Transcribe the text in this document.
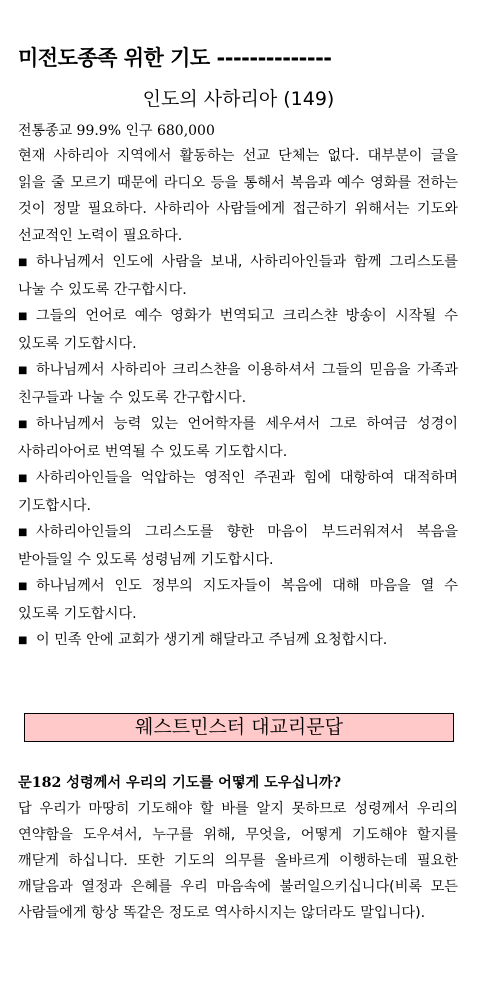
미전도종족 위한 기도 --------------
인도의 사하리아 (149)
전통종교 99.9% 인구 680,000

현재 사하리아 지역에서 활동하는 선교 단체는 없다. 대부분이 글을 읽을 줄 모르기 때문에 라디오 등을 통해서 복음과 예수 영화를 전하는 것이 정말 필요하다. 사하리아 사람들에게 접근하기 위해서는 기도와 선교적인 노력이 필요하다.

■ 하나님께서 인도에 사람을 보내, 사하리아인들과 함께 그리스도를 나눌 수 있도록 간구합시다.

■ 그들의 언어로 예수 영화가 번역되고 크리스챤 방송이 시작될 수 있도록 기도합시다.

■ 하나님께서 사하리아 크리스챤을 이용하셔서 그들의 믿음을 가족과 친구들과 나눌 수 있도록 간구합시다.

■ 하나님께서 능력 있는 언어학자를 세우셔서 그로 하여금 성경이 사하리아어로 번역될 수 있도록 기도합시다.

■ 사하리아인들을 억압하는 영적인 주권과 힘에 대항하여 대적하며 기도합시다.

■ 사하리아인들의 그리스도를 향한 마음이 부드러워져서 복음을 받아들일 수 있도록 성령님께 기도합시다.

■ 하나님께서 인도 정부의 지도자들이 복음에 대해 마음을 열 수 있도록 기도합시다.

■ 이 민족 안에 교회가 생기게 해달라고 주님께 요청합시다.

웨스트민스터 대교리문답

문182 성령께서 우리의 기도를 어떻게 도우십니까?

답 우리가 마땅히 기도해야 할 바를 알지 못하므로 성령께서 우리의 연약함을 도우셔서, 누구를 위해, 무엇을, 어떻게 기도해야 할지를 깨닫게 하십니다. 또한 기도의 의무를 올바르게 이행하는데 필요한 깨달음과 열정과 은혜를 우리 마음속에 불러일으키십니다(비록 모든 사람들에게 항상 똑같은 정도로 역사하시지는 않더라도 말입니다).
